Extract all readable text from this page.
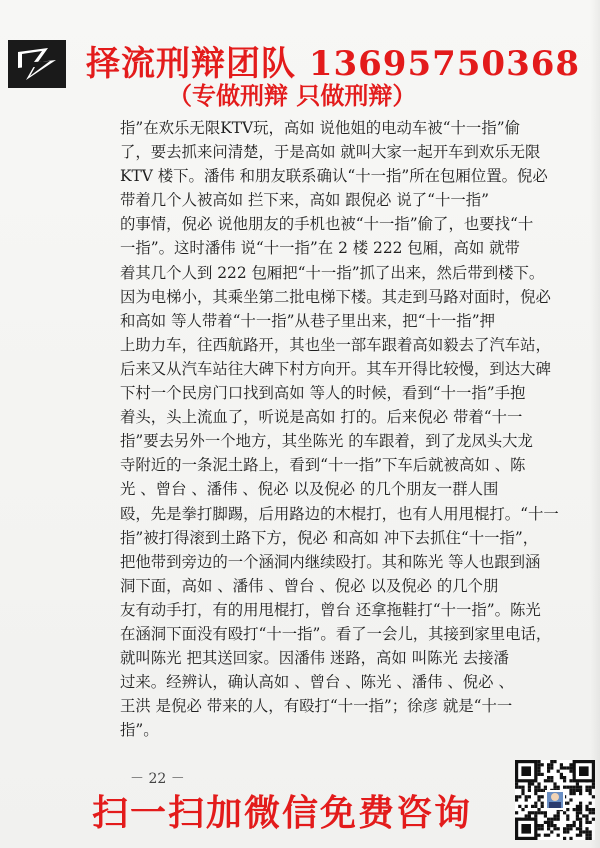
择流刑辩团队 13695750368
（专做刑辩 只做刑辩）
指”在欢乐无限KTV玩，高如 说他姐的电动车被“十一指”偷
了，要去抓来问清楚，于是高如 就叫大家一起开车到欢乐无限
KTV 楼下。潘伟 和朋友联系确认“十一指”所在包厢位置。倪必
带着几个人被高如 拦下来，高如 跟倪必 说了“十一指”
的事情，倪必 说他朋友的手机也被“十一指”偷了，也要找“十
一指”。这时潘伟 说“十一指”在 2 楼 222 包厢，高如 就带
着其几个人到 222 包厢把“十一指”抓了出来，然后带到楼下。
因为电梯小，其乘坐第二批电梯下楼。其走到马路对面时，倪必
和高如 等人带着“十一指”从巷子里出来，把“十一指”押
上助力车，往西航路开，其也坐一部车跟着高如毅去了汽车站，
后来又从汽车站往大碑下村方向开。其车开得比较慢，到达大碑
下村一个民房门口找到高如 等人的时候，看到“十一指”手抱
着头，头上流血了，听说是高如 打的。后来倪必 带着“十一
指”要去另外一个地方，其坐陈光 的车跟着，到了龙凤头大龙
寺附近的一条泥土路上，看到“十一指”下车后就被高如 、陈
光 、曾台 、潘伟 、倪必 以及倪必 的几个朋友一群人围
殴，先是拳打脚踢，后用路边的木棍打，也有人用甩棍打。“十一
指”被打得滚到土路下方，倪必 和高如 冲下去抓住“十一指”，
把他带到旁边的一个涵洞内继续殴打。其和陈光 等人也跟到涵
洞下面，高如 、潘伟 、曾台 、倪必 以及倪必 的几个朋
友有动手打，有的用甩棍打，曾台 还拿拖鞋打“十一指”。陈光
在涵洞下面没有殴打“十一指”。看了一会儿，其接到家里电话，
就叫陈光 把其送回家。因潘伟 迷路，高如 叫陈光 去接潘
过来。经辨认，确认高如 、曾台 、陈光 、潘伟 、倪必 、
王洪 是倪必 带来的人，有殴打“十一指”；徐彦 就是“十一
指”。
－ 22 －
扫一扫加微信免费咨询
